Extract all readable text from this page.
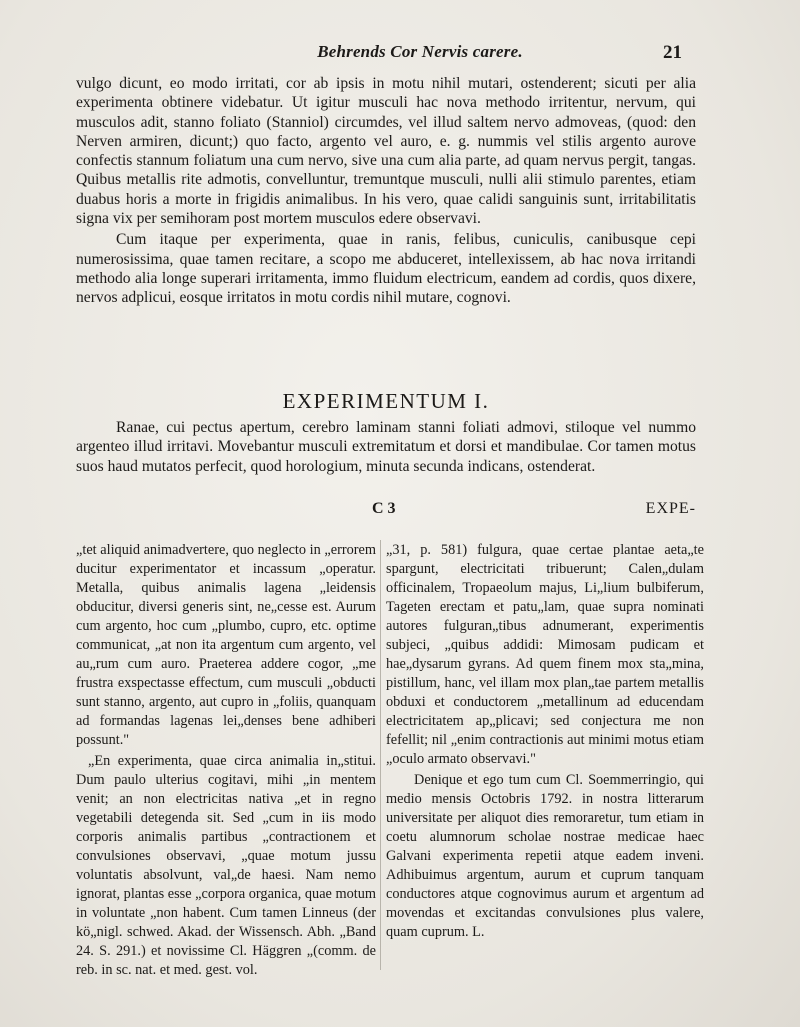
Behrends Cor Nervis carere.	21

vulgo dicunt, eo modo irritati, cor ab ipsis in motu nihil mutari, ostenderent; sicuti per alia experimenta obtinere videbatur. Ut igitur musculi hac nova methodo irritentur, nervum, qui musculos adit, stanno foliato (Stanniol) circumdes, vel illud saltem nervo admoveas, (quod: den Nerven armiren, dicunt;) quo facto, argento vel auro, e. g. nummis vel stilis argento aurove confectis stannum foliatum una cum nervo, sive una cum alia parte, ad quam nervus pergit, tangas. Quibus metallis rite admotis, convelluntur, tremuntque musculi, nulli alii stimulo parentes, etiam duabus horis a morte in frigidis animalibus. In his vero, quae calidi sanguinis sunt, irritabilitatis signa vix per semihoram post mortem musculos edere observavi.

Cum itaque per experimenta, quae in ranis, felibus, cuniculis, canibusque cepi numerosissima, quae tamen recitare, a scopo me abduceret, intellexissem, ab hac nova irritandi methodo alia longe superari irritamenta, immo fluidum electricum, eandem ad cordis, quos dixere, nervos adplicui, eosque irritatos in motu cordis nihil mutare, cognovi.

EXPERIMENTUM I.
Ranae, cui pectus apertum, cerebro laminam stanni foliati admovi, stiloque vel nummo argenteo illud irritavi. Movebantur musculi extremitatum et dorsi et mandibulae. Cor tamen motus suos haud mutatos perfecit, quod horologium, minuta secunda indicans, ostenderat.
C 3	EXPE-

„tet aliquid animadvertere, quo neglecto in „errorem ducitur experimentator et incassum „operatur. Metalla, quibus animalis lagena „leidensis obducitur, diversi generis sint, ne„cesse est. Aurum cum argento, hoc cum „plumbo, cupro, etc. optime communicat, „at non ita argentum cum argento, vel au„rum cum auro. Praeterea addere cogor, „me frustra exspectasse effectum, cum musculi „obducti sunt stanno, argento, aut cupro in „foliis, quanquam ad formandas lagenas lei„denses bene adhiberi possunt."

„En experimenta, quae circa animalia in„stitui. Dum paulo ulterius cogitavi, mihi „in mentem venit; an non electricitas nativa „et in regno vegetabili detegenda sit. Sed „cum in iis modo corporis animalis partibus „contractionem et convulsiones observavi, „quae motum jussu voluntatis absolvunt, val„de haesi. Nam nemo ignorat, plantas esse „corpora organica, quae motum in voluntate „non habent. Cum tamen Linneus (der kö„nigl. schwed. Akad. der Wissensch. Abh. „Band 24. S. 291.) et novissime Cl. Häggren „(comm. de reb. in sc. nat. et med. gest. vol.

„31, p. 581) fulgura, quae certae plantae aeta„te spargunt, electricitati tribuerunt; Calen„dulam officinalem, Tropaeolum majus, Li„lium bulbiferum, Tageten erectam et patu„lam, quae supra nominati autores fulguran„tibus adnumerant, experimentis subjeci, „quibus addidi: Mimosam pudicam et hae„dysarum gyrans. Ad quem finem mox sta„mina, pistillum, hanc, vel illam mox plan„tae partem metallis obduxi et conductorem „metallinum ad educendam electricitatem ap„plicavi; sed conjectura me non fefellit; nil „enim contractionis aut minimi motus etiam „oculo armato observavi."

Denique et ego tum cum Cl. Soemmerringio, qui medio mensis Octobris 1792. in nostra litterarum universitate per aliquot dies remoraretur, tum etiam in coetu alumnorum scholae nostrae medicae haec Galvani experimenta repetii atque eadem inveni. Adhibuimus argentum, aurum et cuprum tanquam conductores atque cognovimus aurum et argentum ad movendas et excitandas convulsiones plus valere, quam cuprum. L.
